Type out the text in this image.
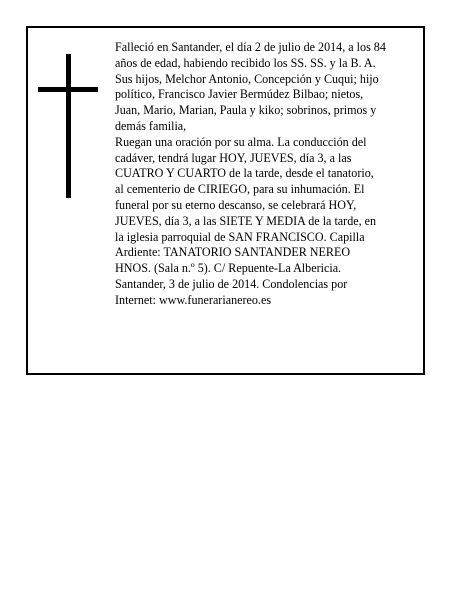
Falleció en Santander, el día 2 de julio de 2014, a los 84
años de edad, habiendo recibido los SS. SS. y la B. A.
Sus hijos, Melchor Antonio, Concepción y Cuqui; hijo
político, Francisco Javier Bermúdez Bilbao; nietos,
Juan, Mario, Marian, Paula y kiko; sobrinos, primos y
demás familia,
Ruegan una oración por su alma. La conducción del
cadáver, tendrá lugar HOY, JUEVES, día 3, a las
CUATRO Y CUARTO de la tarde, desde el tanatorio,
al cementerio de CIRIEGO, para su inhumación. El
funeral por su eterno descanso, se celebrará HOY,
JUEVES, día 3, a las SIETE Y MEDIA de la tarde, en
la iglesia parroquial de SAN FRANCISCO. Capilla
Ardiente: TANATORIO SANTANDER NEREO
HNOS. (Sala n.º 5). C/ Repuente-La Albericia.
Santander, 3 de julio de 2014. Condolencias por
Internet: www.funerarianereo.es
